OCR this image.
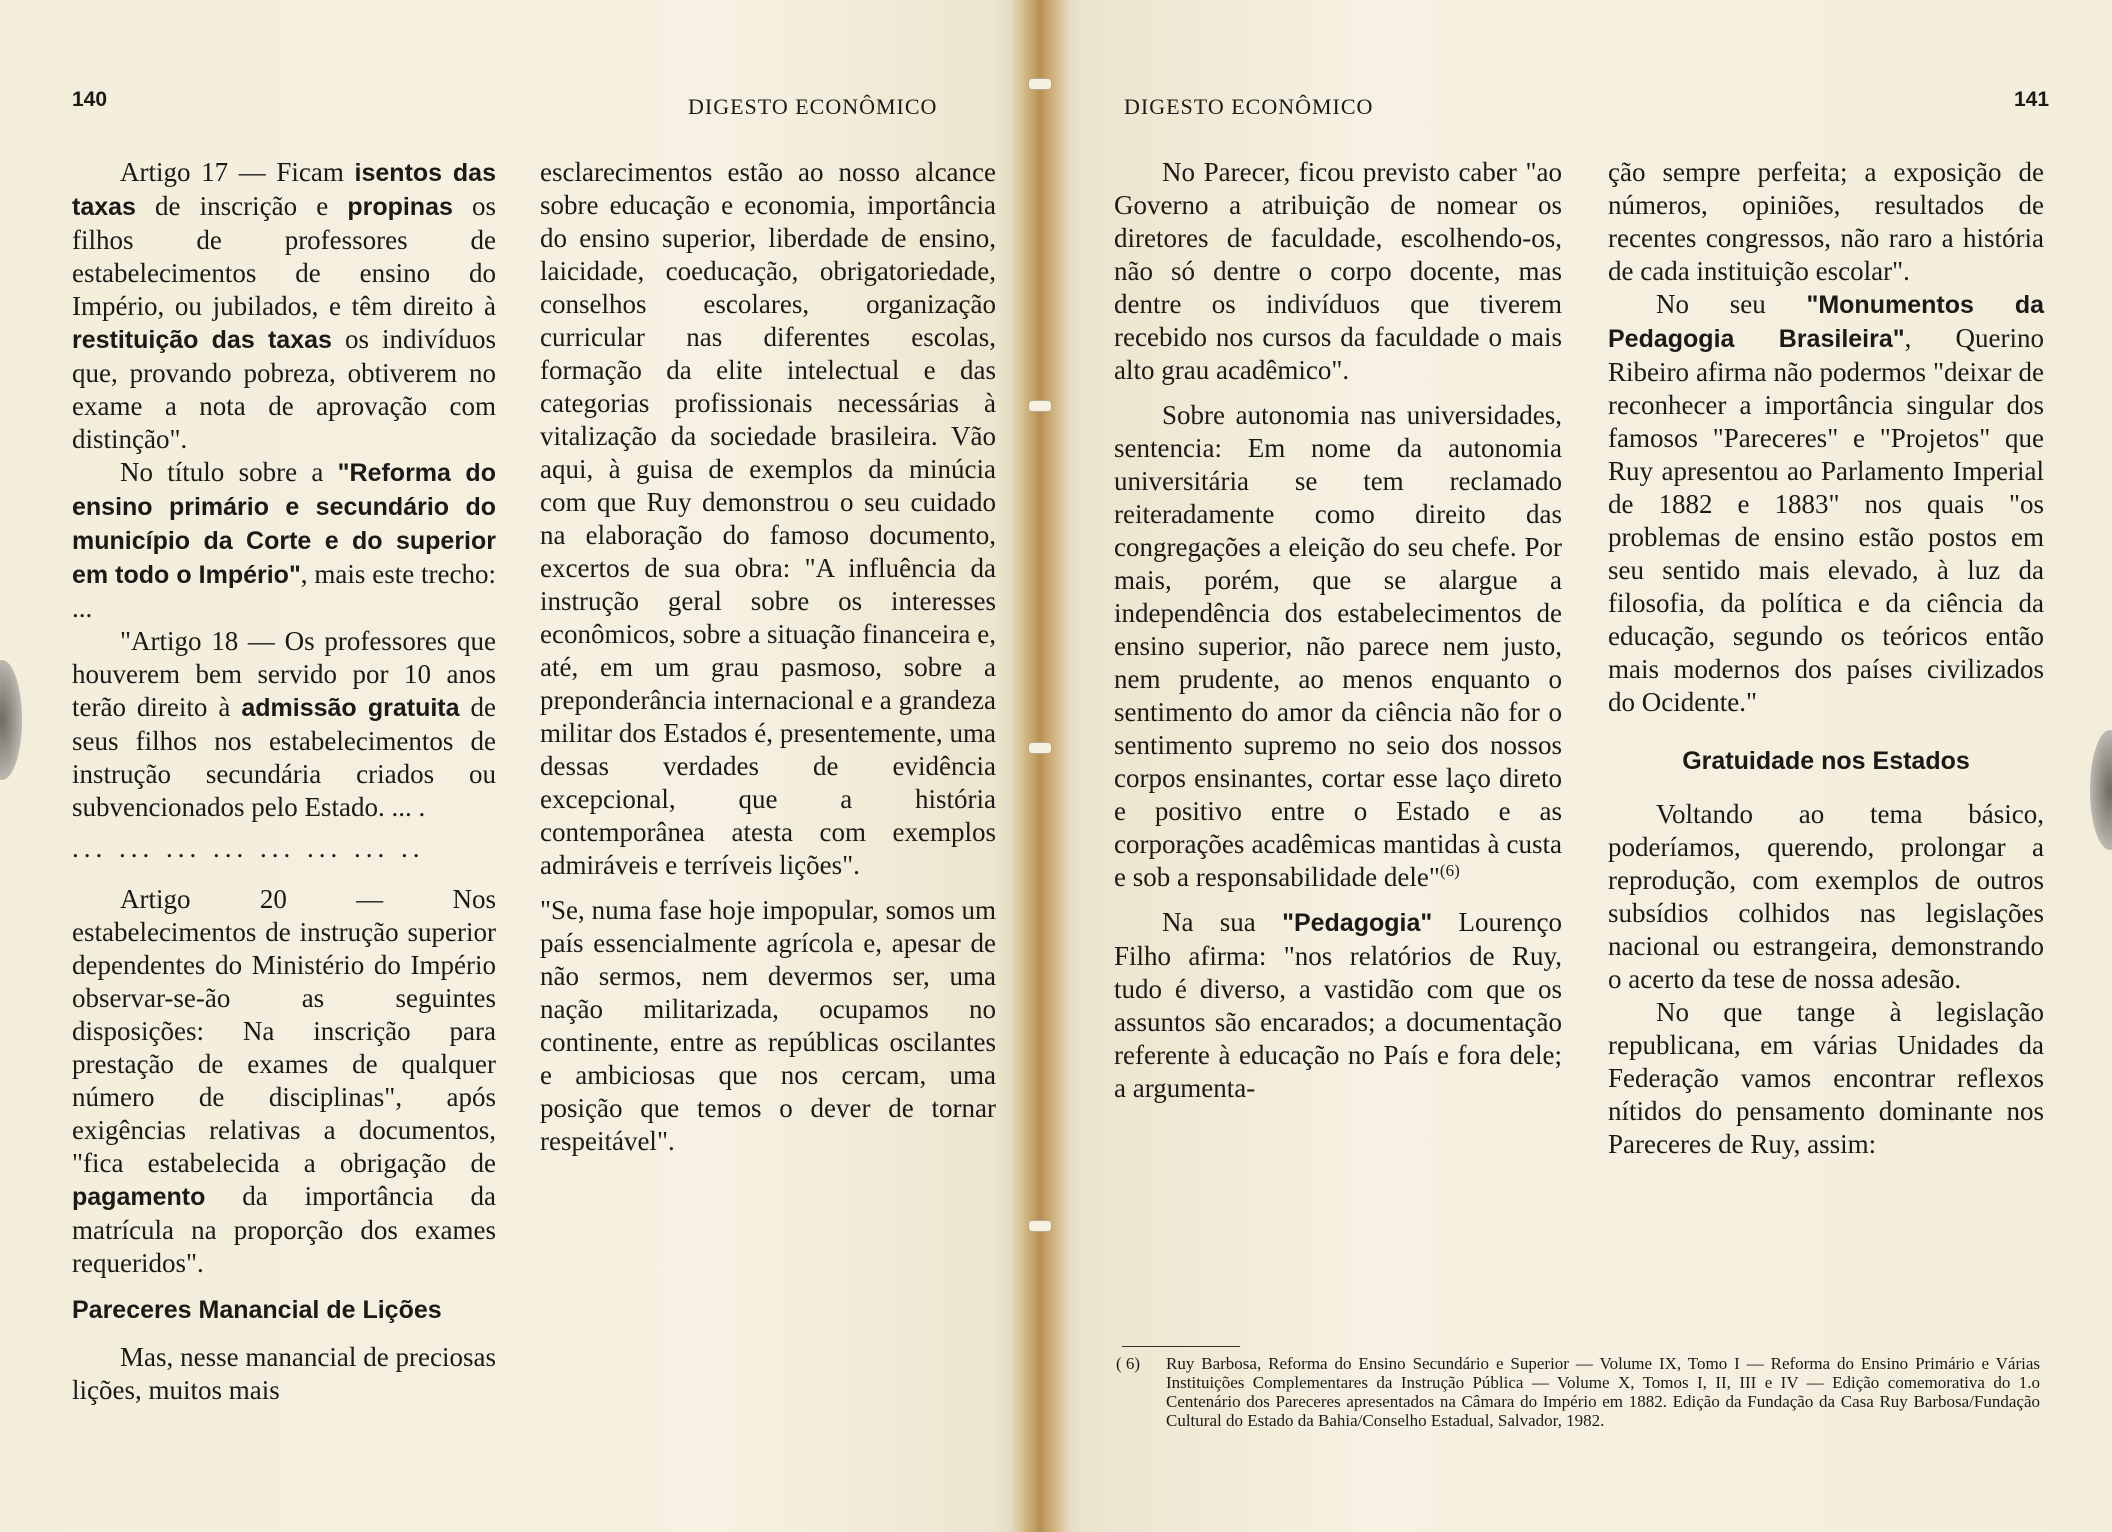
140	DIGESTO ECONÔMICO

Artigo 17 — Ficam isentos das taxas de inscrição e propinas os filhos de professores de estabelecimentos de ensino do Império, ou jubilados, e têm direito à restituição das taxas os indivíduos que, provando pobreza, obtiverem no exame a nota de aprovação com distinção".

No título sobre a "Reforma do ensino primário e secundário do município da Corte e do superior em todo o Império", mais este trecho: ...

"Artigo 18 — Os professores que houverem bem servido por 10 anos terão direito à admissão gratuita de seus filhos nos estabelecimentos de instrução secundária criados ou subvencionados pelo Estado. ... .

... ... ... ... ... ... ... ..

Artigo 20 — Nos estabelecimentos de instrução superior dependentes do Ministério do Império observar-se-ão as seguintes disposições: Na inscrição para prestação de exames de qualquer número de disciplinas", após exigências relativas a documentos, "fica estabelecida a obrigação de pagamento da importância da matrícula na proporção dos exames requeridos".

Pareceres Manancial de Lições

Mas, nesse manancial de preciosas lições, muitos mais

esclarecimentos estão ao nosso alcance sobre educação e economia, importância do ensino superior, liberdade de ensino, laicidade, coeducação, obrigatoriedade, conselhos escolares, organização curricular nas diferentes escolas, formação da elite intelectual e das categorias profissionais necessárias à vitalização da sociedade brasileira. Vão aqui, à guisa de exemplos da minúcia com que Ruy demonstrou o seu cuidado na elaboração do famoso documento, excertos de sua obra: "A influência da instrução geral sobre os interesses econômicos, sobre a situação financeira e, até, em um grau pasmoso, sobre a preponderância internacional e a grandeza militar dos Estados é, presentemente, uma dessas verdades de evidência excepcional, que a história contemporânea atesta com exemplos admiráveis e terríveis lições".

"Se, numa fase hoje impopular, somos um país essencialmente agrícola e, apesar de não sermos, nem devermos ser, uma nação militarizada, ocupamos no continente, entre as repúblicas oscilantes e ambiciosas que nos cercam, uma posição que temos o dever de tornar respeitável".

DIGESTO ECONÔMICO	141

No Parecer, ficou previsto caber "ao Governo a atribuição de nomear os diretores de faculdade, escolhendo-os, não só dentre o corpo docente, mas dentre os indivíduos que tiverem recebido nos cursos da faculdade o mais alto grau acadêmico".

Sobre autonomia nas universidades, sentencia: Em nome da autonomia universitária se tem reclamado reiteradamente como direito das congregações a eleição do seu chefe. Por mais, porém, que se alargue a independência dos estabelecimentos de ensino superior, não parece nem justo, nem prudente, ao menos enquanto o sentimento do amor da ciência não for o sentimento supremo no seio dos nossos corpos ensinantes, cortar esse laço direto e positivo entre o Estado e as corporações acadêmicas mantidas à custa e sob a responsabilidade dele"$^{(6)}$

Na sua "Pedagogia" Lourenço Filho afirma: "nos relatórios de Ruy, tudo é diverso, a vastidão com que os assuntos são encarados; a documentação referente à educação no País e fora dele; a argumenta-

ção sempre perfeita; a exposição de números, opiniões, resultados de recentes congressos, não raro a história de cada instituição escolar".

No seu "Monumentos da Pedagogia Brasileira", Querino Ribeiro afirma não podermos "deixar de reconhecer a importância singular dos famosos "Pareceres" e "Projetos" que Ruy apresentou ao Parlamento Imperial de 1882 e 1883" nos quais "os problemas de ensino estão postos em seu sentido mais elevado, à luz da filosofia, da política e da ciência da educação, segundo os teóricos então mais modernos dos países civilizados do Ocidente."

Gratuidade nos Estados

Voltando ao tema básico, poderíamos, querendo, prolongar a reprodução, com exemplos de outros subsídios colhidos nas legislações nacional ou estrangeira, demonstrando o acerto da tese de nossa adesão.

No que tange à legislação republicana, em várias Unidades da Federação vamos encontrar reflexos nítidos do pensamento dominante nos Pareceres de Ruy, assim:

( 6) Ruy Barbosa, Reforma do Ensino Secundário e Superior — Volume IX, Tomo I — Reforma do Ensino Primário e Várias Instituições Complementares da Instrução Pública — Volume X, Tomos I, II, III e IV — Edição comemorativa do 1.o Centenário dos Pareceres apresentados na Câmara do Império em 1882. Edição da Fundação da Casa Ruy Barbosa/Fundação Cultural do Estado da Bahia/Conselho Estadual, Salvador, 1982.
